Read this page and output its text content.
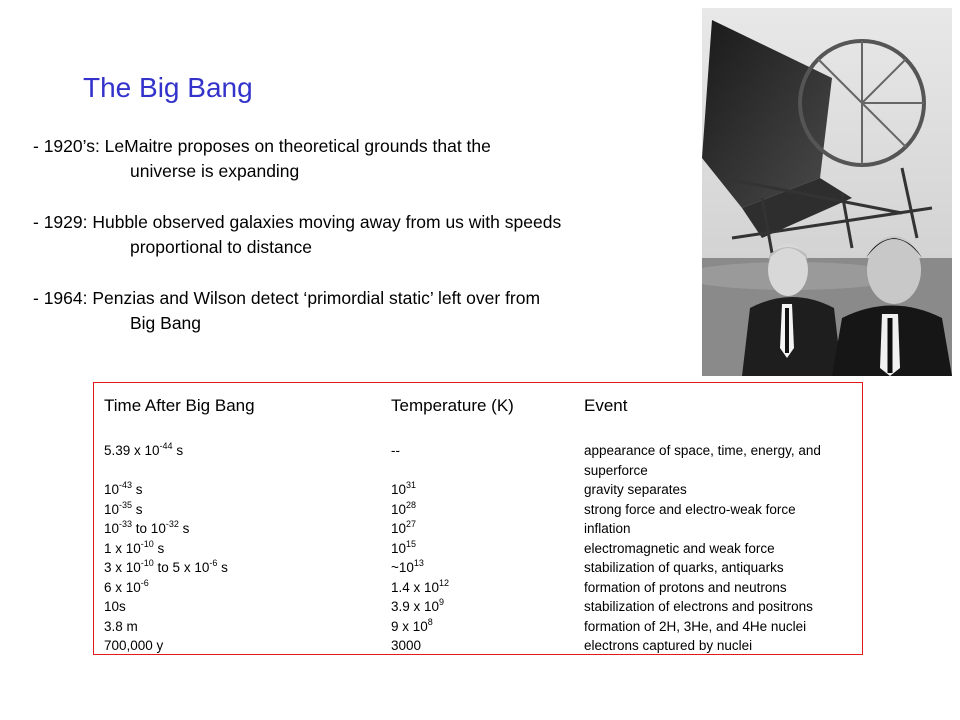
The Big Bang
- 1920’s: LeMaitre proposes on theoretical grounds that the
universe is expanding
- 1929: Hubble observed galaxies moving away from us with speeds
proportional to distance
- 1964: Penzias and Wilson detect ‘primordial static’ left over from
Big Bang
Time After Big Bang	Temperature (K)	Event
5.39 x $10^{-44}$ s	--	appearance of space, time, energy, and superforce
$10^{-43}$ s	$10^{31}$	gravity separates
$10^{-35}$ s	$10^{28}$	strong force and electro-weak force
$10^{-33}$ to $10^{-32}$ s	$10^{27}$	inflation
1 x $10^{-10}$ s	$10^{15}$	electromagnetic and weak force
3 x $10^{-10}$ to 5 x $10^{-6}$ s	$\sim 10^{13}$	stabilization of quarks, antiquarks
6 x $10^{-6}$	1.4 x $10^{12}$	formation of protons and neutrons
10s	3.9 x $10^9$	stabilization of electrons and positrons
3.8 m	9 x $10^8$	formation of 2H, 3He, and 4He nuclei
700,000 y	3000	electrons captured by nuclei
